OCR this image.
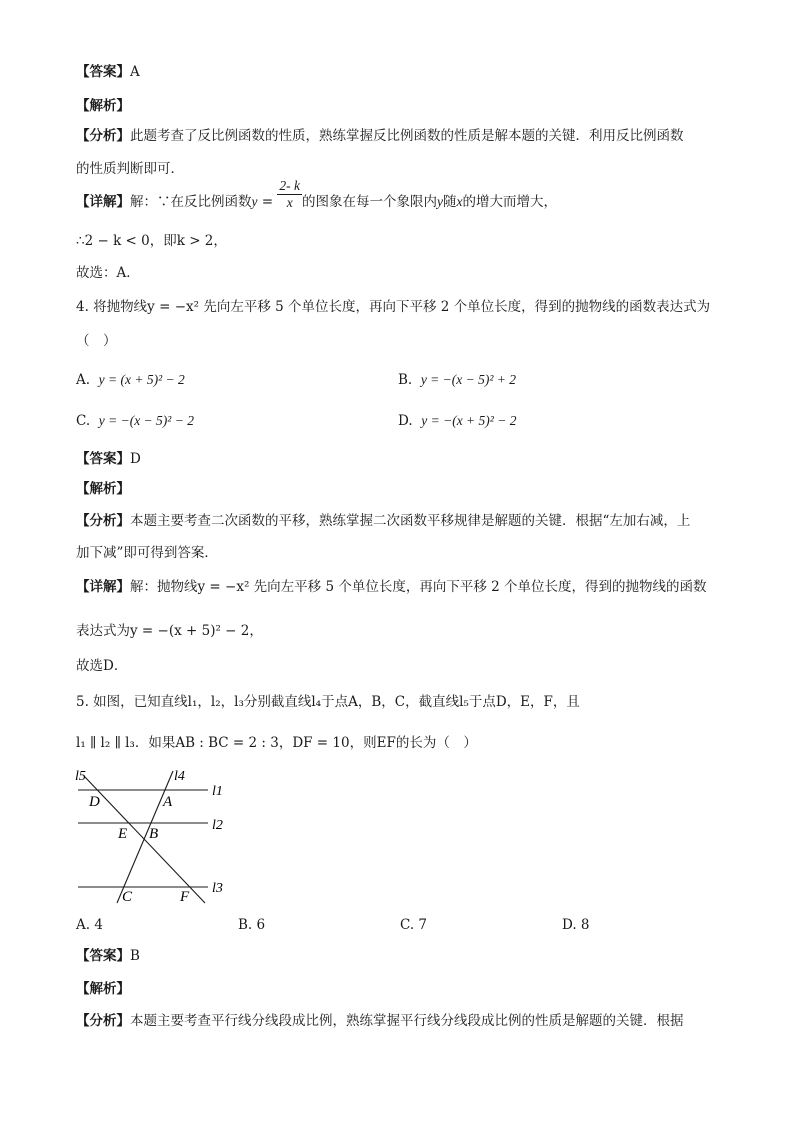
【答案】A
【解析】
【分析】此题考查了反比例函数的性质，熟练掌握反比例函数的性质是解本题的关键．利用反比例函数
的性质判断即可．
【详解】解：∵在反比例函数$y = \frac{2- k}{x}$ 的图象在每一个象限内y随x的增大而增大，
∴2 − k < 0，即k > 2，
故选：A．
4. 将抛物线y = −x² 先向左平移 5 个单位长度，再向下平移 2 个单位长度，得到的抛物线的函数表达式为
（　）
A. y = (x + 5)² − 2	B. y = −(x − 5)² + 2
C. y = −(x − 5)² − 2	D. y = −(x + 5)² − 2
【答案】D
【解析】
【分析】本题主要考查二次函数的平移，熟练掌握二次函数平移规律是解题的关键．根据“左加右减，上
加下减”即可得到答案．
【详解】解：抛物线y = −x² 先向左平移 5 个单位长度，再向下平移 2 个单位长度，得到的抛物线的函数
表达式为y = −(x + 5)² − 2，
故选D．
5. 如图，已知直线l₁，l₂，l₃分别截直线l₄于点A，B，C，截直线l₅于点D，E，F，且
l₁ ∥ l₂ ∥ l₃．如果AB : BC = 2 : 3，DF = 10，则EF的长为（　）
l5	l4
l1
l2
l3
D	A
E B
C	F
A. 4	B. 6	C. 7	D. 8
【答案】B
【解析】
【分析】本题主要考查平行线分线段成比例，熟练掌握平行线分线段成比例的性质是解题的关键．根据
